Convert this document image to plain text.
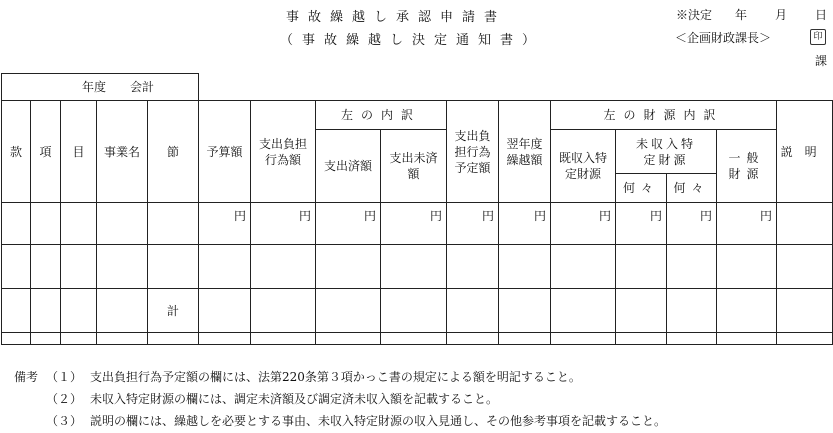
事故繰越し承認申請書
（事故繰越し決定通知書）
※決定 年 月 日
＜企画財政課長＞	印
課
年度 会計															
款	項	目	事業名	節	予算額	支出負担行為額	左の内訳		支出負担行為予定額	翌年度繰越額	左の財源内訳				説明
							支出済額	支出未済額			既収入特定財源	未収入特定財源		一般財源	
												何々	何々		
					円	円	円	円	円	円	円	円	円	円	

				計											

備考 （１） 支出負担行為予定額の欄には、法第220条第３項かっこ書の規定による額を明記すること。
（２） 未収入特定財源の欄には、調定未済額及び調定済未収入額を記載すること。
（３） 説明の欄には、繰越しを必要とする事由、未収入特定財源の収入見通し、その他参考事項を記載すること。
